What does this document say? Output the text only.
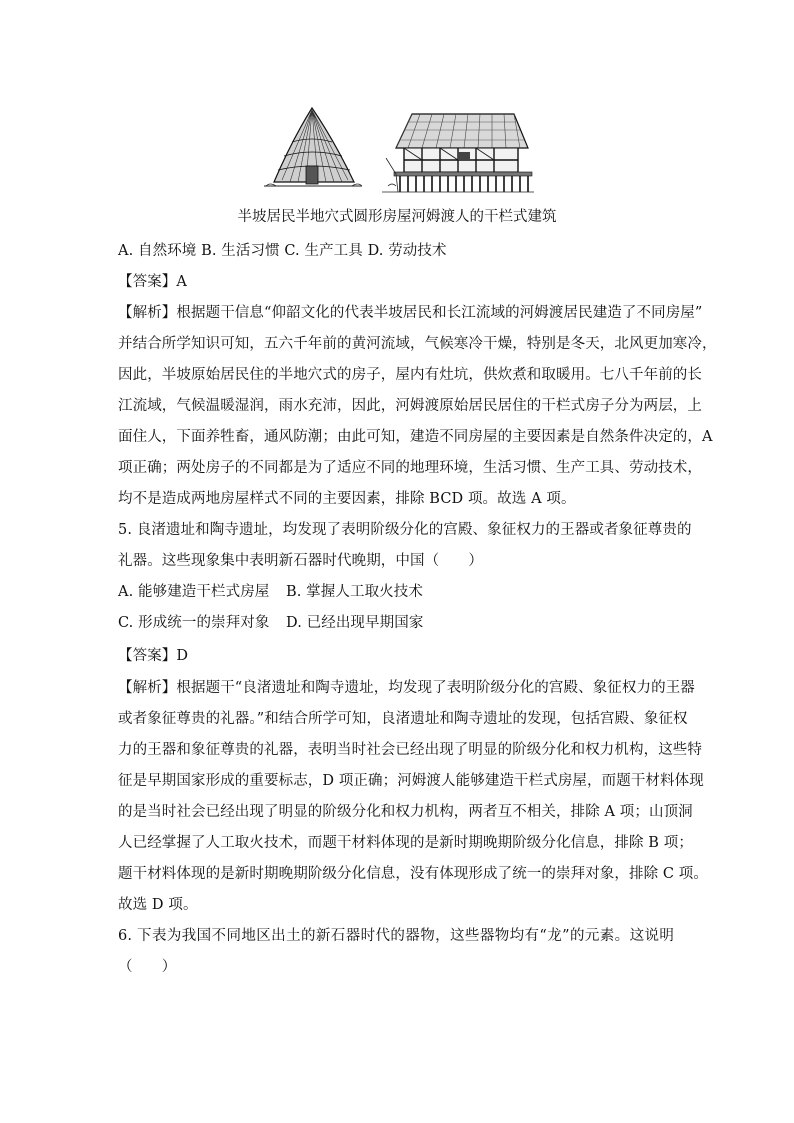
半坡居民半地穴式圆形房屋河姆渡人的干栏式建筑
A. 自然环境 B. 生活习惯 C. 生产工具 D. 劳动技术
【答案】A
【解析】根据题干信息“仰韶文化的代表半坡居民和长江流域的河姆渡居民建造了不同房屋”
并结合所学知识可知，五六千年前的黄河流域，气候寒冷干燥，特别是冬天，北风更加寒冷，
因此，半坡原始居民住的半地穴式的房子，屋内有灶坑，供炊煮和取暖用。七八千年前的长
江流域，气候温暖湿润，雨水充沛，因此，河姆渡原始居民居住的干栏式房子分为两层，上
面住人，下面养牲畜，通风防潮；由此可知，建造不同房屋的主要因素是自然条件决定的，A
项正确；两处房子的不同都是为了适应不同的地理环境，生活习惯、生产工具、劳动技术，
均不是造成两地房屋样式不同的主要因素，排除 BCD 项。故选 A 项。
5. 良渚遗址和陶寺遗址，均发现了表明阶级分化的宫殿、象征权力的王器或者象征尊贵的
礼器。这些现象集中表明新石器时代晚期，中国（　　）
A. 能够建造干栏式房屋 B. 掌握人工取火技术
C. 形成统一的崇拜对象 D. 已经出现早期国家
【答案】D
【解析】根据题干“良渚遗址和陶寺遗址，均发现了表明阶级分化的宫殿、象征权力的王器
或者象征尊贵的礼器。”和结合所学可知，良渚遗址和陶寺遗址的发现，包括宫殿、象征权
力的王器和象征尊贵的礼器，表明当时社会已经出现了明显的阶级分化和权力机构，这些特
征是早期国家形成的重要标志，D 项正确；河姆渡人能够建造干栏式房屋，而题干材料体现
的是当时社会已经出现了明显的阶级分化和权力机构，两者互不相关，排除 A 项；山顶洞
人已经掌握了人工取火技术，而题干材料体现的是新时期晚期阶级分化信息，排除 B 项；
题干材料体现的是新时期晚期阶级分化信息，没有体现形成了统一的崇拜对象，排除 C 项。
故选 D 项。
6. 下表为我国不同地区出土的新石器时代的器物，这些器物均有“龙”的元素。这说明
（　　）
